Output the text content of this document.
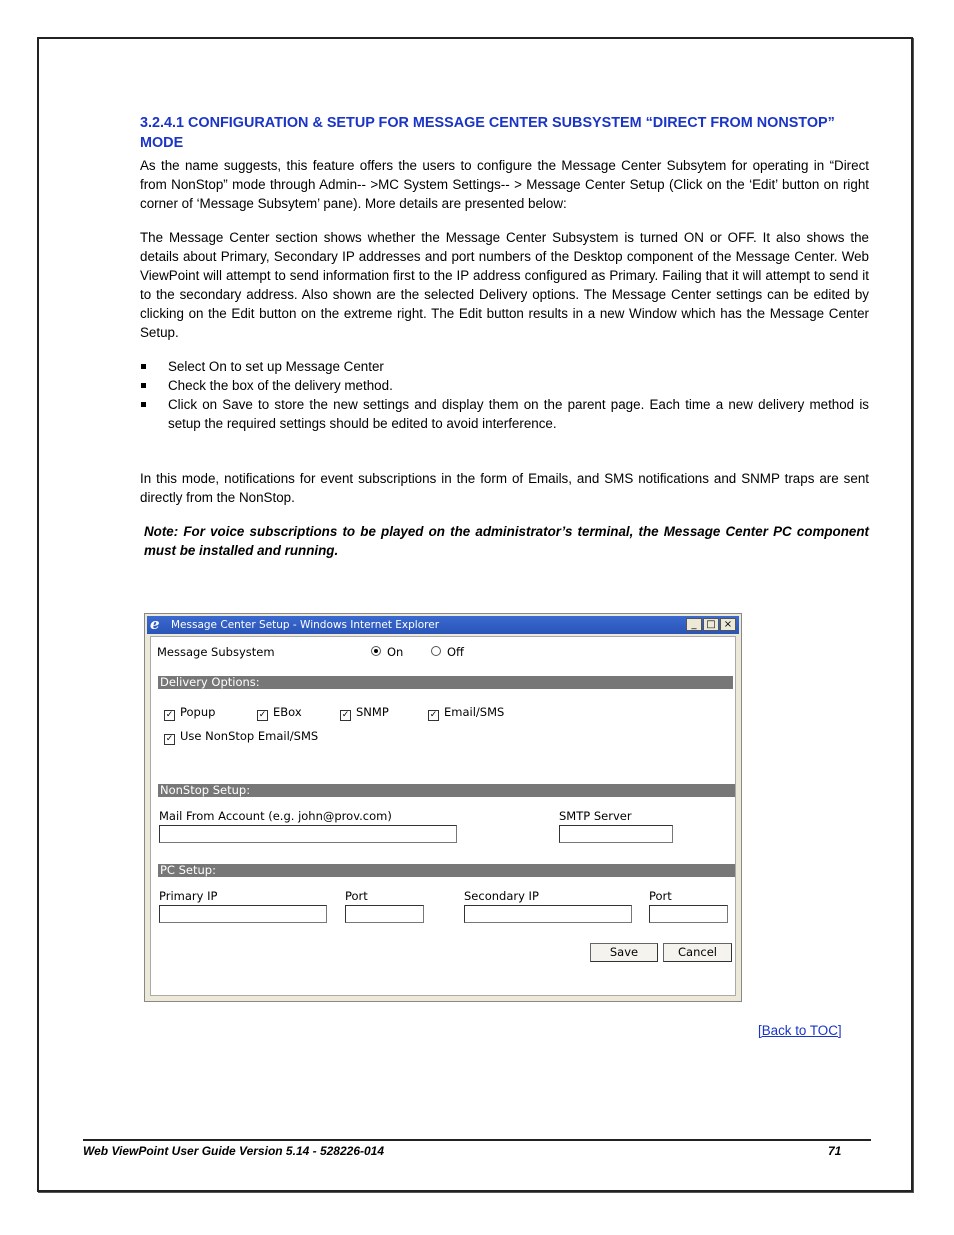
3.2.4.1 CONFIGURATION & SETUP FOR MESSAGE CENTER SUBSYSTEM “DIRECT FROM NONSTOP” MODE

As the name suggests, this feature offers the users to configure the Message Center Subsytem for operating in “Direct from NonStop” mode through Admin-- >MC System Settings-- > Message Center Setup (Click on the ‘Edit’ button on right corner of ‘Message Subsytem’ pane). More details are presented below:

The Message Center section shows whether the Message Center Subsystem is turned ON or OFF. It also shows the details about Primary, Secondary IP addresses and port numbers of the Desktop component of the Message Center. Web ViewPoint will attempt to send information first to the IP address configured as Primary. Failing that it will attempt to send it to the secondary address. Also shown are the selected Delivery options. The Message Center settings can be edited by clicking on the Edit button on the extreme right. The Edit button results in a new Window which has the Message Center Setup.

Select On to set up Message Center
Check the box of the delivery method.
Click on Save to store the new settings and display them on the parent page. Each time a new delivery method is setup the required settings should be edited to avoid interference.

In this mode, notifications for event subscriptions in the form of Emails, and SMS notifications and SNMP traps are sent directly from the NonStop.

Note: For voice subscriptions to be played on the administrator’s terminal, the Message Center PC component must be installed and running.

e	Message Center Setup - Windows Internet Explorer	_ □ ×
Message Subsystem	On	Off
Delivery Options:
✓ Popup	✓ EBox	✓ SNMP	✓ Email/SMS
✓ Use NonStop Email/SMS
NonStop Setup:
Mail From Account (e.g. john@prov.com)	SMTP Server
PC Setup:
Primary IP	Port	Secondary IP	Port
Save	Cancel
[Back to TOC]
Web ViewPoint User Guide Version 5.14 - 528226-014	71
